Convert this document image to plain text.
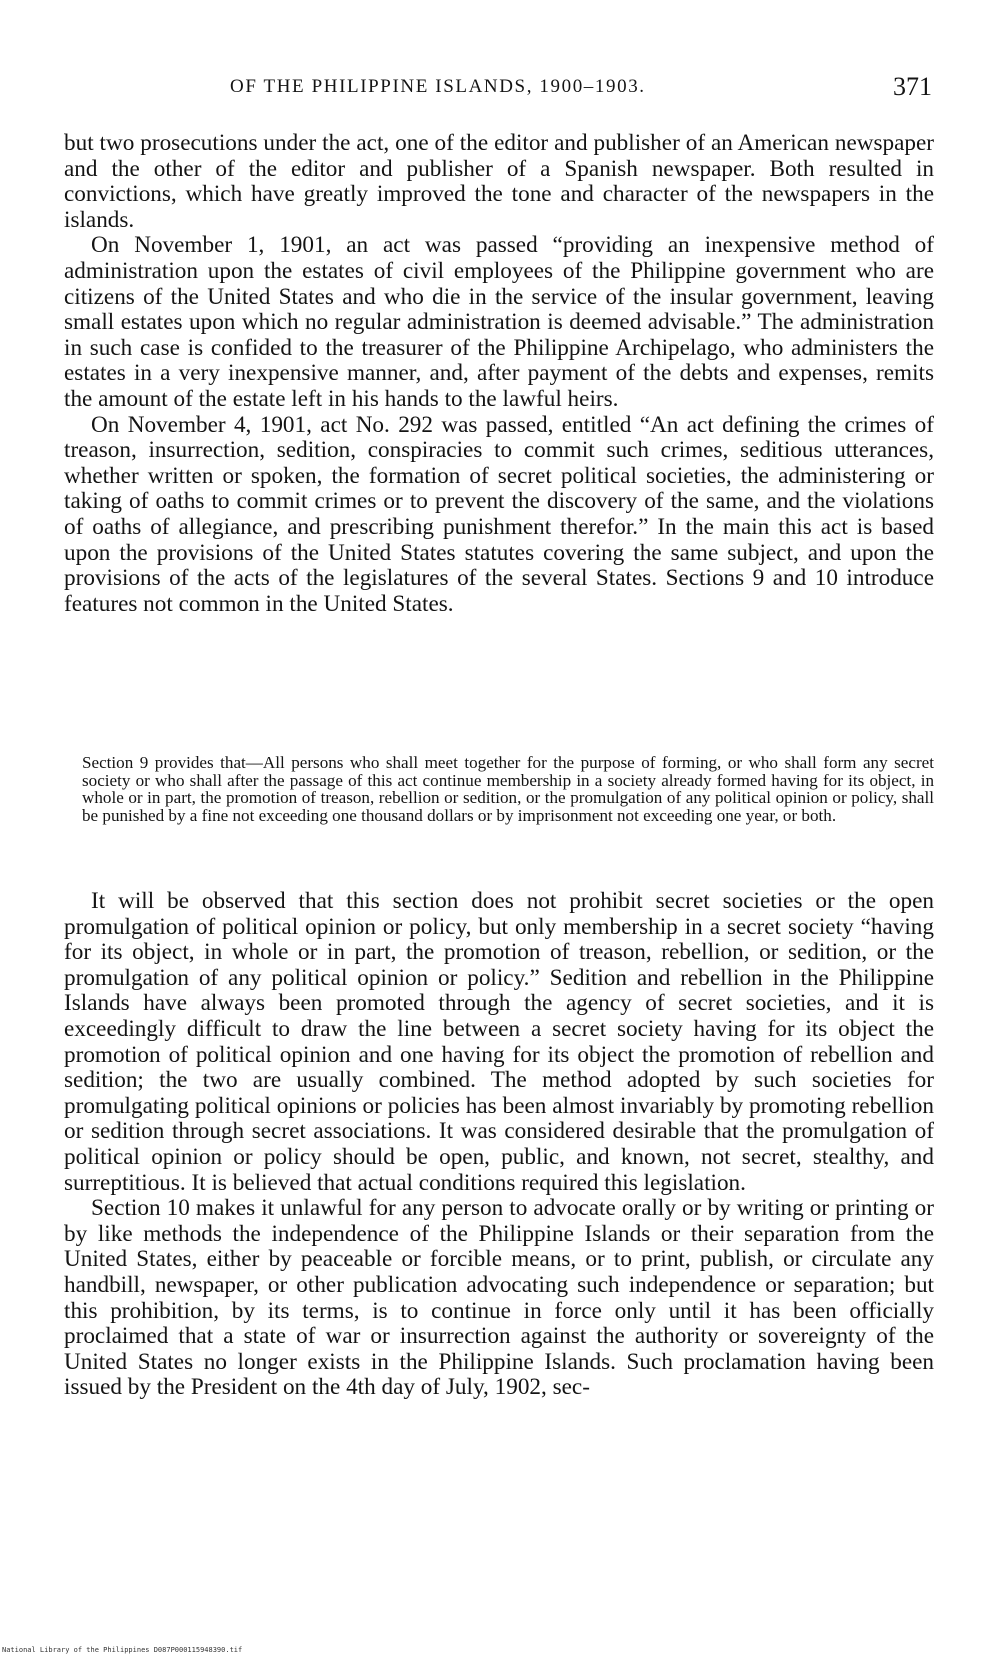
OF THE PHILIPPINE ISLANDS, 1900–1903.	371

but two prosecutions under the act, one of the editor and publisher of an American newspaper and the other of the editor and publisher of a Spanish newspaper. Both resulted in convictions, which have greatly improved the tone and character of the newspapers in the islands.

On November 1, 1901, an act was passed “providing an inexpensive method of administration upon the estates of civil employees of the Philippine government who are citizens of the United States and who die in the service of the insular government, leaving small estates upon which no regular administration is deemed advisable.” The administration in such case is confided to the treasurer of the Philippine Archipelago, who administers the estates in a very inexpensive manner, and, after payment of the debts and expenses, remits the amount of the estate left in his hands to the lawful heirs.

On November 4, 1901, act No. 292 was passed, entitled “An act defining the crimes of treason, insurrection, sedition, conspiracies to commit such crimes, seditious utterances, whether written or spoken, the formation of secret political societies, the administering or taking of oaths to commit crimes or to prevent the discovery of the same, and the violations of oaths of allegiance, and prescribing punishment therefor.” In the main this act is based upon the provisions of the United States statutes covering the same subject, and upon the provisions of the acts of the legislatures of the several States. Sections 9 and 10 introduce features not common in the United States.

Section 9 provides that—All persons who shall meet together for the purpose of forming, or who shall form any secret society or who shall after the passage of this act continue membership in a society already formed having for its object, in whole or in part, the promotion of treason, rebellion or sedition, or the promulgation of any political opinion or policy, shall be punished by a fine not exceeding one thousand dollars or by imprisonment not exceeding one year, or both.

It will be observed that this section does not prohibit secret societies or the open promulgation of political opinion or policy, but only membership in a secret society “having for its object, in whole or in part, the promotion of treason, rebellion, or sedition, or the promulgation of any political opinion or policy.” Sedition and rebellion in the Philippine Islands have always been promoted through the agency of secret societies, and it is exceedingly difficult to draw the line between a secret society having for its object the promotion of political opinion and one having for its object the promotion of rebellion and sedition; the two are usually combined. The method adopted by such societies for promulgating political opinions or policies has been almost invariably by promoting rebellion or sedition through secret associations. It was considered desirable that the promulgation of political opinion or policy should be open, public, and known, not secret, stealthy, and surreptitious. It is believed that actual conditions required this legislation.

Section 10 makes it unlawful for any person to advocate orally or by writing or printing or by like methods the independence of the Philippine Islands or their separation from the United States, either by peaceable or forcible means, or to print, publish, or circulate any handbill, newspaper, or other publication advocating such independence or separation; but this prohibition, by its terms, is to continue in force only until it has been officially proclaimed that a state of war or insurrection against the authority or sovereignty of the United States no longer exists in the Philippine Islands. Such proclamation having been issued by the President on the 4th day of July, 1902, sec-

National Library of the Philippines D087P000115948390.tif
